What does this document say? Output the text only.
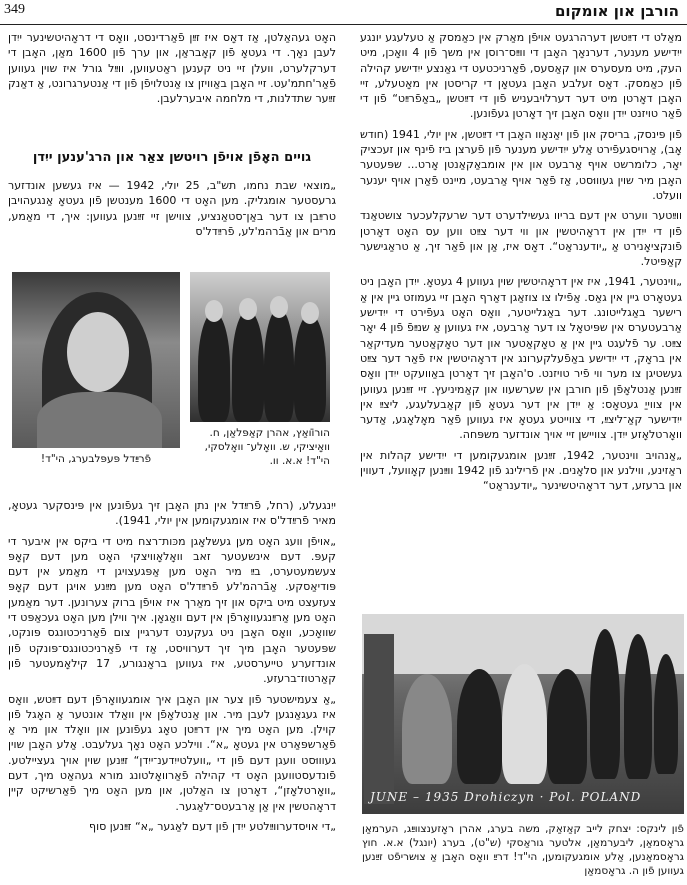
349	הורבן און אומקום

מאַלט די דײַטשן דערהרגעט אויפֿן מאַרק אין כאַמסק אַ טעלעגע יונגע ייִדישע מענער, דערנאָך האָבן די ווײַס־רוסן אין משך פֿון 4 וואָכן, מיט העק, מיט מעסערס און קאַסעס, פֿאַרניכטעט די גאַנצע ייִדישע קהילה פֿון כאַמסק. דאָס זעלבע האָבן געטאָן די קריסטן אין מאָטעלע, זיי האָבן דאָרטן מיט דער דערלויבעניש פֿון די דײַטשן „באַפֿרײַט“ פֿון די פֿאַר טויזנט ייִדן וואָס האָבן זיך דאָרטן געפֿונען.

פֿון פּינסק, בריסק און פֿון יאַנאָוו האָבן די דײַטשן, אין יולי, 1941 (חודש אָב), אַרויסגעפֿירט אַלע ייִדישע מענער פֿון פֿערצן ביז פֿינף און זעכציק יאָר, כלומרשט אויף אַרבעט און אין אומבאַקאַנטן אָרט... שפּעטער האָבן מיר שוין געוווּסט, אַז פֿאַר אויף אַרבעט, מיינט פֿאַרן אויף יענער וועלט.

ווײַטער ווערט אין דעם בריוו געשילדערט דער שרעקלעכער צושטאַנד פֿון די ייִדן אין דראָהיטשין און ווי דער צײַט ווען עס האָט דאָרטן פֿונקציאָנירט אַ „יודענראַט“. דאָס איז, אַן און פֿאַר זיך, אַ טראַגישער קאַפּיטל.

„ווינטער, 1941, איז אין דראָהיטשין שוין געווען 4 געטאָ. ייִדן האָבן ניט געטאָרט גיין אין גאַס. אַפֿילו צו צוזאַגן דאַרף האָבן זיי געמוזט גיין אין אַ רישער באַגלייטונג. דער באַגלייטער, וואָס האָט געפֿירט די ייִדישע אַרבעטערס אין שפּיטאָל צו דער אַרבעט, איז געווען אַ שנײַפֿ פֿון 4 יאָר צײַט. ער פֿלעגט גיין אין אַ טאָקאַטער און דער טאָקאַטער מעדיקאַר אין בראָק, די ייִדישע באַפֿעלקערונג אין דראָהיטשין איז פֿאַר דער צײַט געשטיגן צו מער ווי פֿיר טויזנט. ס'האָבן זיך דאָרטן באַוועקט ייִדן וואָס זײַנען אַנטלאָפֿן פֿון חורבן אין שערשעוו און קאַמיניעץ. זיי זײַנען געווען אין צווייַ געטאָס: אַ ייִדן אין דער געטאָ פֿון קאַבעלעגע, ליצײַ אין ייִדישער קאַ־ליצײַ, די צווייטע געטאָ איז געווען פֿאַר מאָלאָגע, אַדער וואָרטלאָזע ייִדן. צוויישן זיי אויך אונדזער משפּחה.

„אַנהויב ווינטער, 1942, זײַנען אומגעקומען די ייִדישע קהלות אין ראַזינע, ווילנע און סלאָנים. אין פֿרילינג פֿון 1942 ווײַנען קאָוועל, דעווין און ברעזע, דער דראָהיטשינער „יודענראַט“

האָט געהאַלטן, אַז דאָס איז זײַן פֿאַרדינסט, וואָס די דראָהיטשינער ייִדן לעבן נאָך. די געטאָ פֿון קאָבראַן, און ערך פֿון 1600 מאַן, האָבן די דערקלערט, וועלן זיי ניט קענען ראַטעווען, ווײַל גורל איז שוין געווען פֿאַר'חתמ'עט. זיי האָבן באַוויזן צו אַנטלויפֿן פֿון די אַנטערגרונט, אַ דאַנק זײַער שתדלנות, די מלחמה איבערלעבן.

גויים האָפֿן אויפֿן רויטשן צאַר און הרג'ענען ייִדן

„מוצאי שבת נחמו, תש"ב, 25 יולי, 1942 — איז געשען אונדזער גרעסטער אומגליק. מען האָט די 1600 מענטשן פֿון געטאָ אַנגעהויבן טרײַבן צו דער באַן־סטאַנציע, צווישן זיי זײַנען געווען: איך, די מאַמע, מרים און אַבֿרהמ'לע, פֿרײַדל'ס

פֿרײַדל פּעפּלבערג, הי"ד!
הורווֿאַץ, אהרן קאַפּלאַן, ח. וואָיציקי, ש. וואָלע־ וואָלסקי, הי"ד! א.א. וו.

ייִנגעלע, (רחל, פֿרײַדל אין נתן האָבן זיך געפֿונען אין פּינסקער געטאָ, מאיר פֿרײַדל'ס איז אומגעקומען אין יולי, 1941).

„אויפֿן וועג האָט מען געשלאָגן מכּות־רצח מיט די ביקס אין איבער די קעפּ. דעם אינשעטער זאב וואָלאָוויצקי האָט מען דעם קאָפּ צעשמעטערט, בײַ מיר האָט מען אַפּגעצויגן די מאַמע אין דעם פּודיאַסקע. אַבֿרהמ'לע פֿרײַדל'ס האָט מען מײַנע אויגן דעם קאָפּ צעזעצט מיט ביקס און זיך מאַרך איז אויפֿן ברוק צערונען. דער מאַמען האָט מען אַרײַנגעוואָרפֿן אין דעם וואַגאָן. איך ווילן מען האָט געכאַפּט די שוואָכע, וואָס האָבן ניט געקענט דערגיין צום פֿאַרניכטונגס פּונקט, שפּעטער האָבן מיך זיך דערוויסט, אַז די פֿאַרניכטונגס־פּונקט פֿון אונדזערע טייערסטע, איז געווען בראָנגורע, 17 קילאָמעטער פֿון קאַרטוז־ברעזע.

„אַ צעמישטער פֿון צער און האָבן איך אומגעוואָרפֿן דעם דײַטש, וואָס איז געגאַנגען לעבן מיר. און אַנטלאָפֿן אין וואַלד אונטער אַ האָגל פֿון קוילן. מען האָט מיך אין דרײַטן טאָג געפֿונען און וואָלד און מיר אַ פֿאַרשפּאַרט אין געטאָ „א“. ווילכע האָט נאָך געלעבט. אַלע האָבן שוין געוווּסט וועגן דעם פֿון די „וועלטייִדענ־ייִדן“ זײַנען שוין אויך געציילטע. פֿונדעסטוועגן האָט די קהילה פֿאַרוואָלטונג מורא געהאַט מיך, דעם „וואָרטלאָזן“, דאָרטן צו האַלטן, און מען האָט מיך פֿאַרשיקט קיין דראָהטשין אין אַן אַרבעטס־לאַגער.

„די אויסדערווײַלטע ייִדן פֿון דעם לאַגער „א“ זײַנען סוף

JUNE – 1935 Drohiczyn · Pol. POLAND
פֿון לינקס: יצחק לייב קאַזאַק, משה בערג, אהרן ראָזענצווײַג, הערמאַן גראָסמאַן, ליבערמאַן, אלטער גוראַסקי (ש"ט), בערג (יונגל) א.א. חוץ גראָסמאַנען, אַלע אומגעקומען, הי"ד! דרײַ וואָס האָבן אַ צוּשריפֿט זײַנען געווען פֿון ה. גראָסמאַן
